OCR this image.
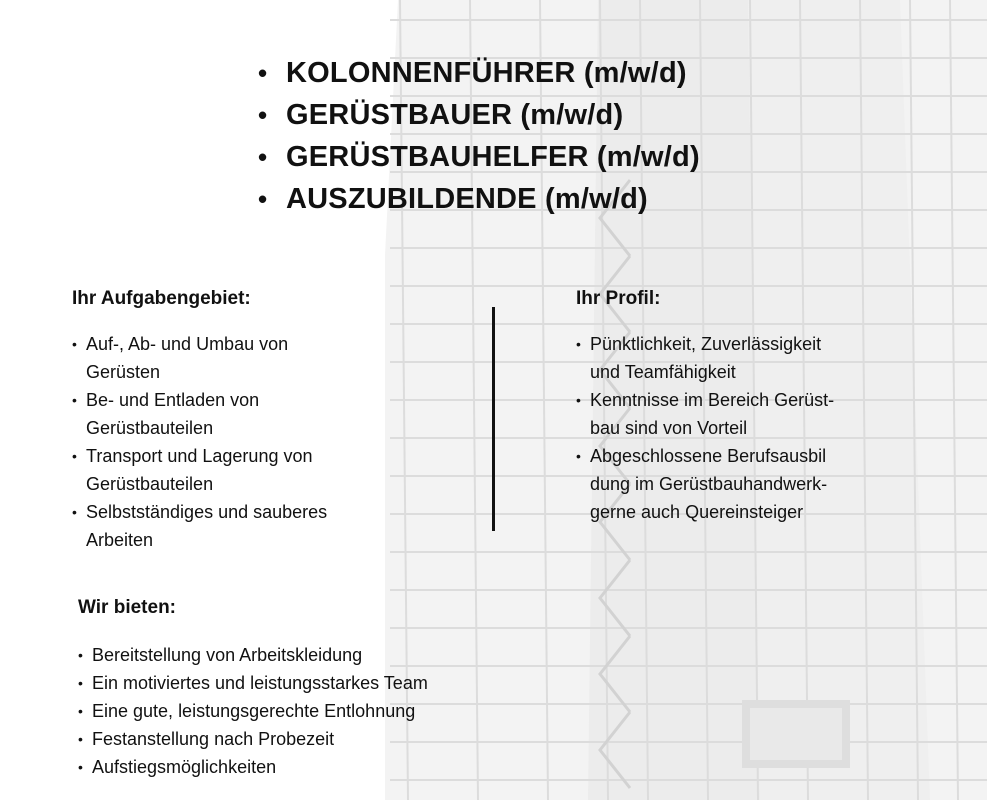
• KOLONNENFÜHRER (m/w/d)
• GERÜSTBAUER (m/w/d)
• GERÜSTBAUHELFER (m/w/d)
• AUSZUBILDENDE (m/w/d)
Ihr Aufgabengebiet:
• Auf-, Ab- und Umbau von
Gerüsten
• Be- und Entladen von
Gerüstbauteilen
• Transport und Lagerung von
Gerüstbauteilen
• Selbstständiges und sauberes
Arbeiten
Ihr Profil:
• Pünktlichkeit, Zuverlässigkeit
und Teamfähigkeit
• Kenntnisse im Bereich Gerüst-
bau sind von Vorteil
• Abgeschlossene Berufsausbil
dung im Gerüstbauhandwerk-
gerne auch Quereinsteiger
Wir bieten:
• Bereitstellung von Arbeitskleidung
• Ein motiviertes und leistungsstarkes Team
• Eine gute, leistungsgerechte Entlohnung
• Festanstellung nach Probezeit
• Aufstiegsmöglichkeiten
